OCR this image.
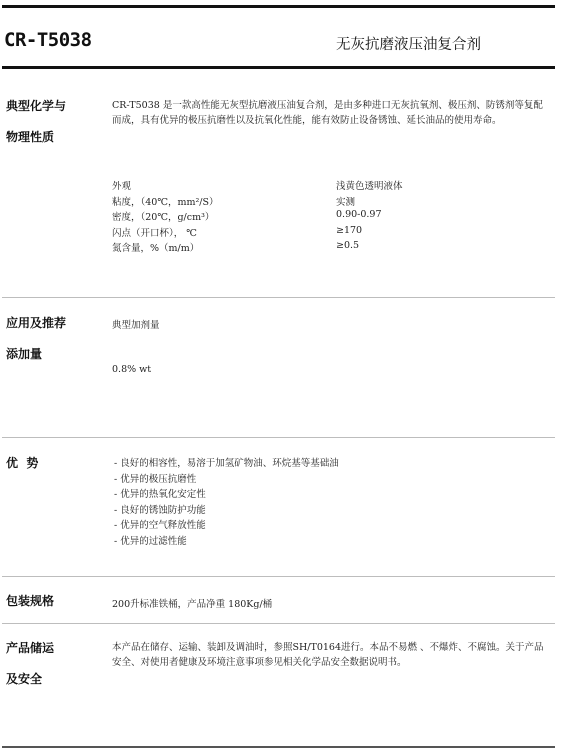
CR-T5038	无灰抗磨液压油复合剂
典型化学与
物理性质
CR-T5038 是一款高性能无灰型抗磨液压油复合剂，是由多种进口无灰抗氧剂、极压剂、防锈剂等复配而成，具有优异的极压抗磨性以及抗氧化性能，能有效防止设备锈蚀、延长油品的使用寿命。
外观	浅黄色透明液体
粘度，（40℃，mm²/S）	实测
密度，（20℃，g/cm³）	0.90-0.97
闪点（开口杯）， ℃	≥170
氮含量，%（m/m）	≥0.5
应用及推荐
添加量
典型加剂量
0.8% wt
优  势	- 良好的相容性，易溶于加氢矿物油、环烷基等基础油
- 优异的极压抗磨性
- 优异的热氧化安定性
- 良好的锈蚀防护功能
- 优异的空气释放性能
- 优异的过滤性能
包装规格	200升标准铁桶，产品净重 180Kg/桶
产品储运
及安全
本产品在储存、运输、装卸及调油时，参照SH/T0164进行。本品不易燃 、不爆炸、不腐蚀。关于产品安全、对使用者健康及环境注意事项参见相关化学品安全数据说明书。
